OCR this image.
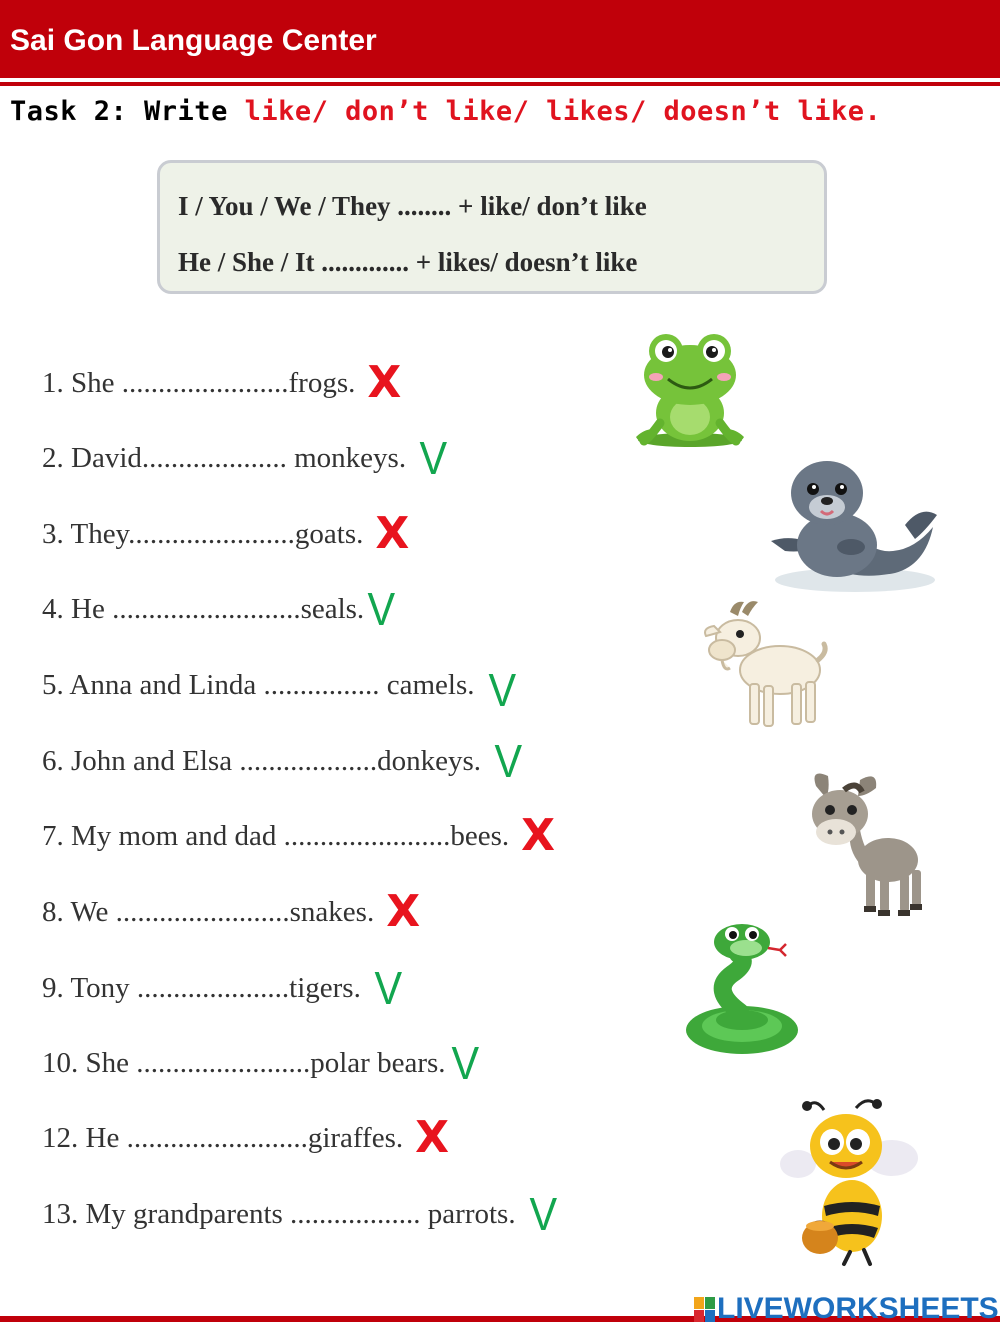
Sai Gon Language Center
Task 2: Write like/ don’t like/ likes/ doesn’t like.
I / You / We / They ........ + like/ don’t like
He / She / It ............. + likes/ doesn’t like
1. She .......................frogs. X
2. David.................... monkeys. V
3. They.......................goats. X
4. He ..........................seals. V
5. Anna and Linda ................ camels. V
6. John and Elsa ...................donkeys. V
7. My mom and dad .......................bees. X
8. We ........................snakes. X
9. Tony .....................tigers. V
10. She ........................polar bears. V
12. He .........................giraffes. X
13. My grandparents .................. parrots. V
LIVEWORKSHEETS
